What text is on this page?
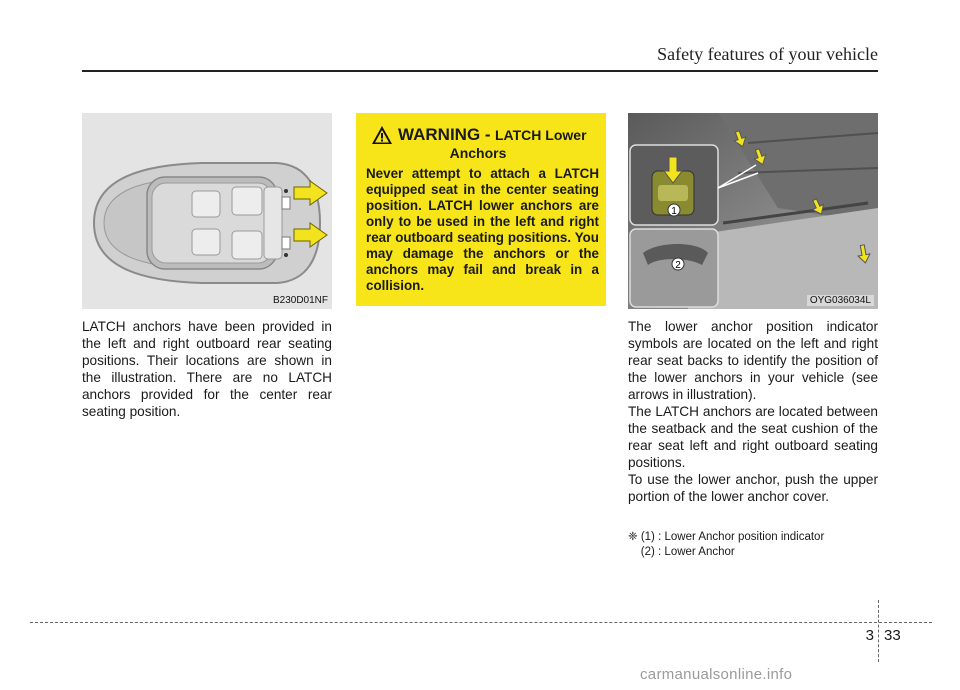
Safety features of your vehicle
B230D01NF
LATCH anchors have been provided in the left and right outboard rear seating positions. Their locations are shown in the illustration. There are no LATCH anchors provided for the center rear seating position.
WARNING - LATCH Lower
Anchors
Never attempt to attach a LATCH equipped seat in the center seating position. LATCH lower anchors are only to be used in the left and right rear outboard seating positions. You may damage the anchors or the anchors may fail and break in a collision.
1
2
OYG036034L
The lower anchor position indicator symbols are located on the left and right rear seat backs to identify the position of the lower anchors in your vehicle (see arrows in illustration).
The LATCH anchors are located between the seatback and the seat cushion of the rear seat left and right outboard seating positions.
To use the lower anchor, push the upper portion of the lower anchor cover.
❈ (1) : Lower Anchor position indicator
(2) : Lower Anchor
3 33
carmanualsonline.info
